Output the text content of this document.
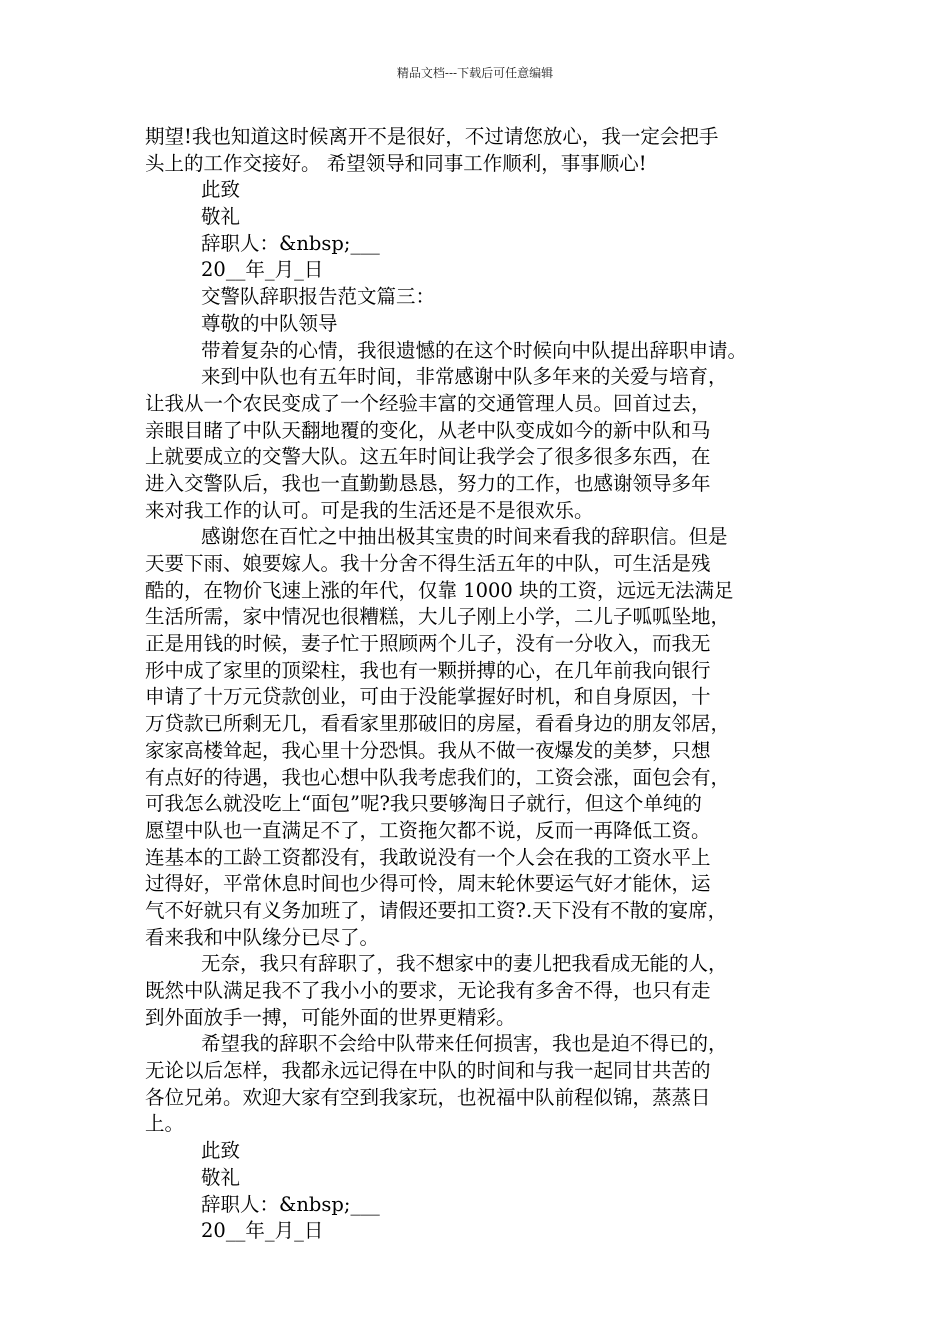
精品文档---下载后可任意编辑
期望!我也知道这时候离开不是很好，不过请您放心，我一定会把手
头上的工作交接好。 希望领导和同事工作顺利，事事顺心!
此致
敬礼
辞职人：&nbsp;___
20__年_月_日
交警队辞职报告范文篇三：
尊敬的中队领导
带着复杂的心情，我很遗憾的在这个时候向中队提出辞职申请。
来到中队也有五年时间，非常感谢中队多年来的关爱与培育，
让我从一个农民变成了一个经验丰富的交通管理人员。回首过去，
亲眼目睹了中队天翻地覆的变化，从老中队变成如今的新中队和马
上就要成立的交警大队。这五年时间让我学会了很多很多东西，在
进入交警队后，我也一直勤勤恳恳，努力的工作，也感谢领导多年
来对我工作的认可。可是我的生活还是不是很欢乐。
感谢您在百忙之中抽出极其宝贵的时间来看我的辞职信。但是
天要下雨、娘要嫁人。我十分舍不得生活五年的中队，可生活是残
酷的，在物价飞速上涨的年代，仅靠 1000 块的工资，远远无法满足
生活所需，家中情况也很糟糕，大儿子刚上小学，二儿子呱呱坠地，
正是用钱的时候，妻子忙于照顾两个儿子，没有一分收入，而我无
形中成了家里的顶梁柱，我也有一颗拼搏的心，在几年前我向银行
申请了十万元贷款创业，可由于没能掌握好时机，和自身原因，十
万贷款已所剩无几，看看家里那破旧的房屋，看看身边的朋友邻居，
家家高楼耸起，我心里十分恐惧。我从不做一夜爆发的美梦，只想
有点好的待遇，我也心想中队我考虑我们的，工资会涨，面包会有，
可我怎么就没吃上“面包”呢?我只要够淘日子就行，但这个单纯的
愿望中队也一直满足不了，工资拖欠都不说，反而一再降低工资。
连基本的工龄工资都没有，我敢说没有一个人会在我的工资水平上
过得好，平常休息时间也少得可怜，周末轮休要运气好才能休，运
气不好就只有义务加班了，请假还要扣工资?.天下没有不散的宴席，
看来我和中队缘分已尽了。
无奈，我只有辞职了，我不想家中的妻儿把我看成无能的人，
既然中队满足我不了我小小的要求，无论我有多舍不得，也只有走
到外面放手一搏，可能外面的世界更精彩。
希望我的辞职不会给中队带来任何损害，我也是迫不得已的，
无论以后怎样，我都永远记得在中队的时间和与我一起同甘共苦的
各位兄弟。欢迎大家有空到我家玩，也祝福中队前程似锦，蒸蒸日
上。
此致
敬礼
辞职人：&nbsp;___
20__年_月_日
